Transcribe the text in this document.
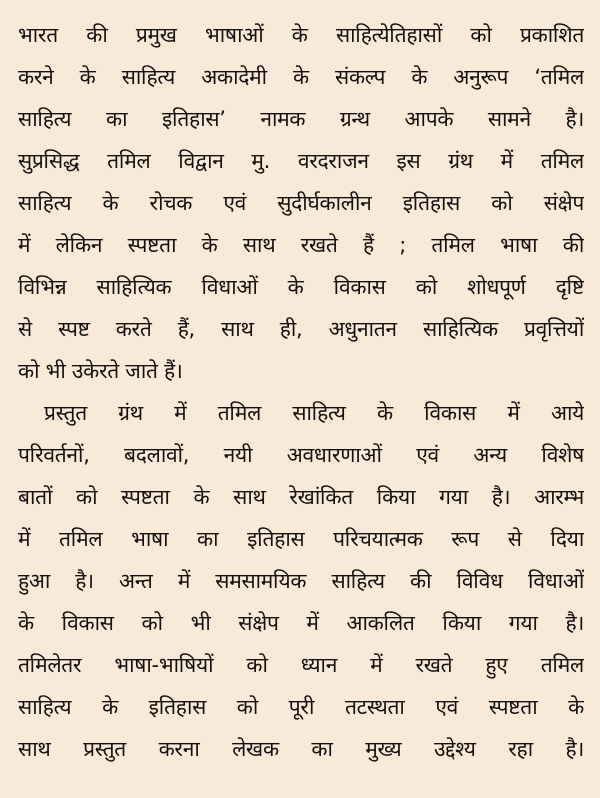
भारत की प्रमुख भाषाओं के साहित्येतिहासों को प्रकाशित

करने के साहित्य अकादेमी के संकल्प के अनुरूप ‘तमिल

साहित्य का इतिहास’ नामक ग्रन्थ आपके सामने है।

सुप्रसिद्ध तमिल विद्वान मु. वरदराजन इस ग्रंथ में तमिल

साहित्य के रोचक एवं सुदीर्घकालीन इतिहास को संक्षेप

में लेकिन स्पष्टता के साथ रखते हैं ; तमिल भाषा की

विभिन्न साहित्यिक विधाओं के विकास को शोधपूर्ण दृष्टि

से स्पष्ट करते हैं, साथ ही, अधुनातन साहित्यिक प्रवृत्तियों

को भी उकेरते जाते हैं।

प्रस्तुत ग्रंथ में तमिल साहित्य के विकास में आये

परिवर्तनों, बदलावों, नयी अवधारणाओं एवं अन्य विशेष

बातों को स्पष्टता के साथ रेखांकित किया गया है। आरम्भ

में तमिल भाषा का इतिहास परिचयात्मक रूप से दिया

हुआ है। अन्त में समसामयिक साहित्य की विविध विधाओं

के विकास को भी संक्षेप में आकलित किया गया है।

तमिलेतर भाषा-भाषियों को ध्यान में रखते हुए तमिल

साहित्य के इतिहास को पूरी तटस्थता एवं स्पष्टता के

साथ प्रस्तुत करना लेखक का मुख्य उद्देश्य रहा है।
